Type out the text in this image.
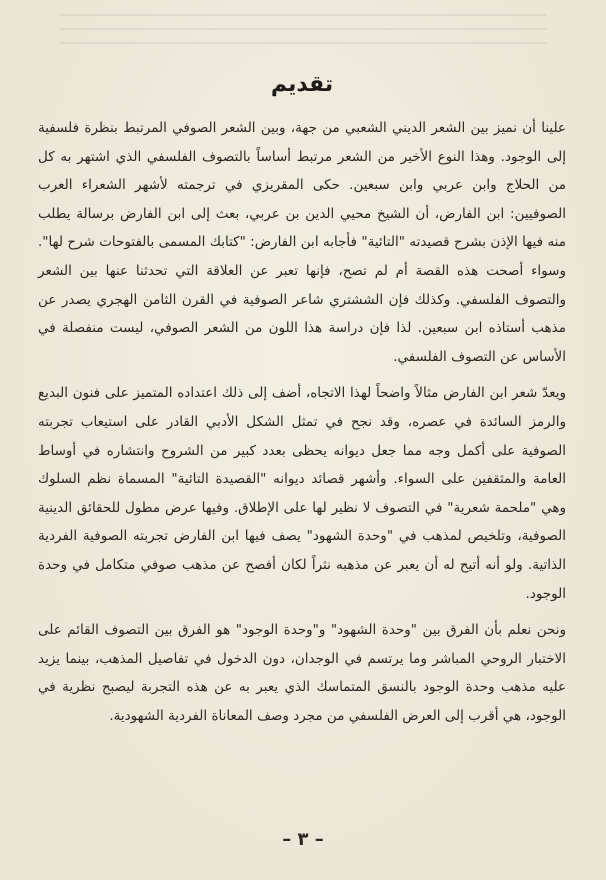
تقديم

علينا أن نميز بين الشعر الديني الشعبي من جهة، وبين الشعر الصوفي المرتبط بنظرة فلسفية إلى الوجود. وهذا النوع الأخير من الشعر مرتبط أساساً بالتصوف الفلسفي الذي اشتهر به كل من الحلاج وابن عربي وابن سبعين. حكى المقريزي في ترجمته لأشهر الشعراء العرب الصوفيين: ابن الفارض، أن الشيخ محيي الدين بن عربي، بعث إلى ابن الفارض برسالة يطلب منه فيها الإذن بشرح قصيدته "التائية" فأجابه ابن الفارض: "كتابك المسمى بالفتوحات شرح لها". وسواء أصحت هذه القصة أم لم تصح، فإنها تعبر عن العلاقة التي تحدثنا عنها بين الشعر والتصوف الفلسفي. وكذلك فإن الششتري شاعر الصوفية في القرن الثامن الهجري يصدر عن مذهب أستاذه ابن سبعين. لذا فإن دراسة هذا اللون من الشعر الصوفي، ليست منفصلة في الأساس عن التصوف الفلسفي.

ويعدّ شعر ابن الفارض مثالاً واضحاً لهذا الاتجاه، أضف إلى ذلك اعتداده المتميز على فنون البديع والرمز السائدة في عصره، وقد نجح في تمثل الشكل الأدبي القادر على استيعاب تجربته الصوفية على أكمل وجه مما جعل ديوانه يحظى بعدد كبير من الشروح وانتشاره في أوساط العامة والمثقفين على السواء. وأشهر قصائد ديوانه "القصيدة التائية" المسماة نظم السلوك وهي "ملحمة شعرية" في التصوف لا نظير لها على الإطلاق. وفيها عرض مطول للحقائق الدينية الصوفية، وتلخيص لمذهب في "وحدة الشهود" يصف فيها ابن الفارض تجربته الصوفية الفردية الذاتية. ولو أنه أتيح له أن يعبر عن مذهبه نثراً لكان أفصح عن مذهب صوفي متكامل في وحدة الوجود.

ونحن نعلم بأن الفرق بين "وحدة الشهود" و"وحدة الوجود" هو الفرق بين التصوف القائم على الاختبار الروحي المباشر وما يرتسم في الوجدان، دون الدخول في تفاصيل المذهب، بينما يزيد عليه مذهب وحدة الوجود بالنسق المتماسك الذي يعبر به عن هذه التجربة ليصبح نظرية في الوجود، هي أقرب إلى العرض الفلسفي من مجرد وصف المعاناة الفردية الشهودية.

– ٣ –
